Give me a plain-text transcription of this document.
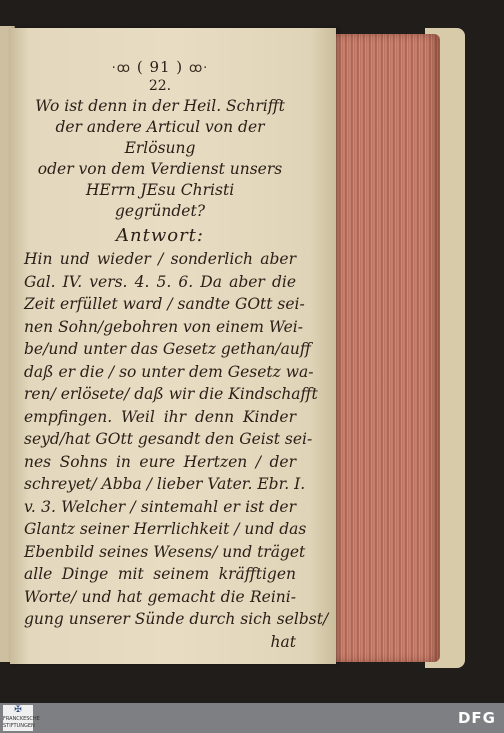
·ꝏ ( 91 ) ꝏ·
22.
Wo ist denn in der Heil. Schrifft
der andere Articul von der Erlösung
oder von dem Verdienst unsers
HErrn JEsu Christi
gegründet?
Antwort:
Hin und wieder / sonderlich aber
Gal. IV. vers. 4. 5. 6. Da aber die
Zeit erfüllet ward / sandte GOtt sei-
nen Sohn/gebohren von einem Wei-
be/und unter das Gesetz gethan/auff
daß er die / so unter dem Gesetz wa-
ren/ erlösete/ daß wir die Kindschafft
empfingen. Weil ihr denn Kinder
seyd/hat GOtt gesandt den Geist sei-
nes Sohns in eure Hertzen / der
schreyet/ Abba / lieber Vater. Ebr. I.
v. 3. Welcher / sintemahl er ist der
Glantz seiner Herrlichkeit / und das
Ebenbild seines Wesens/ und träget
alle Dinge mit seinem kräfftigen
Worte/ und hat gemacht die Reini-
gung unserer Sünde durch sich selbst/
hat
✠
FRANCKESCHE STIFTUNGEN	DFG
